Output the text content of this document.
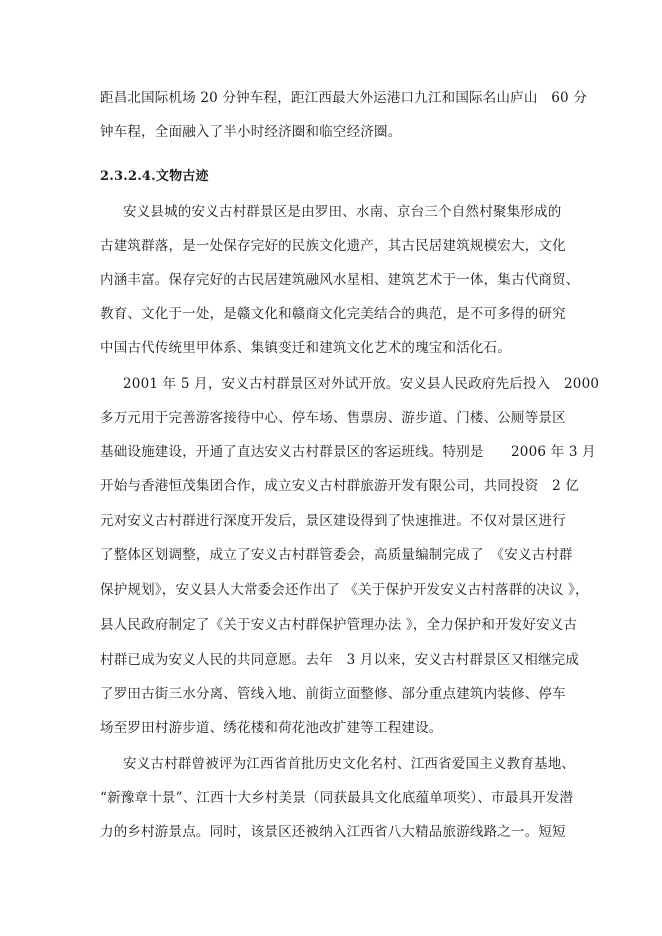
距昌北国际机场 20 分钟车程，距江西最大外运港口九江和国际名山庐山　60 分
钟车程，全面融入了半小时经济圈和临空经济圈。
2.3.2.4.文物古迹
安义县城的安义古村群景区是由罗田、水南、京台三个自然村聚集形成的
古建筑群落，是一处保存完好的民族文化遗产，其古民居建筑规模宏大，文化
内涵丰富。保存完好的古民居建筑融风水星相、建筑艺术于一体，集古代商贸、
教育、文化于一处，是赣文化和赣商文化完美结合的典范，是不可多得的研究
中国古代传统里甲体系、集镇变迁和建筑文化艺术的瑰宝和活化石。
2001 年 5 月，安义古村群景区对外试开放。安义县人民政府先后投入　2000
多万元用于完善游客接待中心、停车场、售票房、游步道、门楼、公厕等景区
基础设施建设，开通了直达安义古村群景区的客运班线。特别是　　2006 年 3 月
开始与香港恒茂集团合作，成立安义古村群旅游开发有限公司，共同投资　2 亿
元对安义古村群进行深度开发后，景区建设得到了快速推进。不仅对景区进行
了整体区划调整，成立了安义古村群管委会，高质量编制完成了　《安义古村群
保护规划》，安义县人大常委会还作出了 《关于保护开发安义古村落群的决议 》，
县人民政府制定了《关于安义古村群保护管理办法 》，全力保护和开发好安义古
村群已成为安义人民的共同意愿。去年　3 月以来，安义古村群景区又相继完成
了罗田古街三水分离、管线入地、前街立面整修、部分重点建筑内装修、停车
场至罗田村游步道、绣花楼和荷花池改扩建等工程建设。
安义古村群曾被评为江西省首批历史文化名村、江西省爱国主义教育基地、
“新豫章十景”、江西十大乡村美景（同获最具文化底蕴单项奖）、市最具开发潜
力的乡村游景点。同时，该景区还被纳入江西省八大精品旅游线路之一。短短
